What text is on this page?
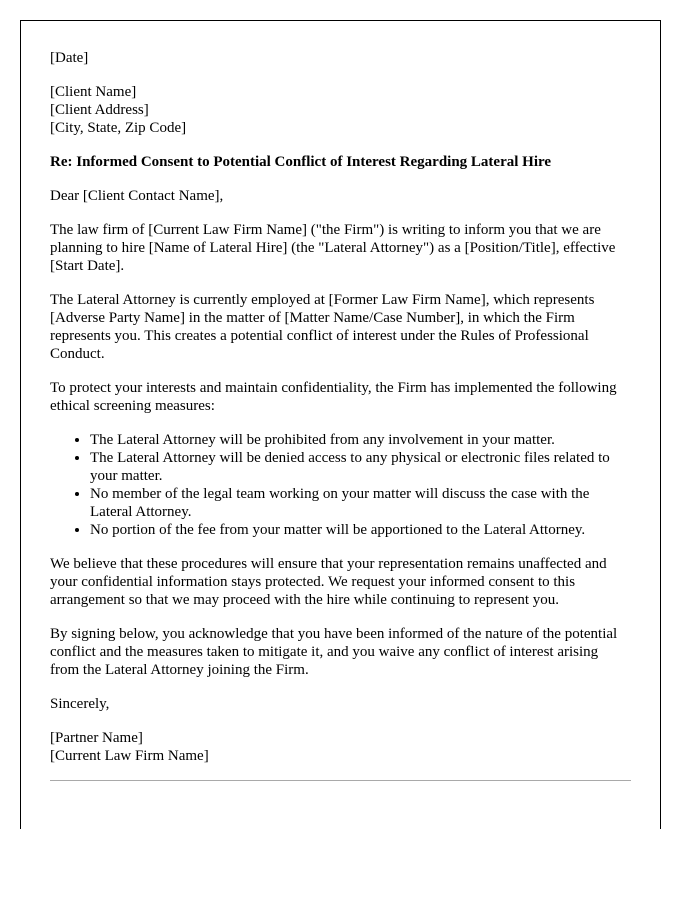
[Date]

[Client Name]
[Client Address]
[City, State, Zip Code]

Re: Informed Consent to Potential Conflict of Interest Regarding Lateral Hire

Dear [Client Contact Name],

The law firm of [Current Law Firm Name] ("the Firm") is writing to inform you that we are planning to hire [Name of Lateral Hire] (the "Lateral Attorney") as a [Position/Title], effective [Start Date].

The Lateral Attorney is currently employed at [Former Law Firm Name], which represents [Adverse Party Name] in the matter of [Matter Name/Case Number], in which the Firm represents you. This creates a potential conflict of interest under the Rules of Professional Conduct.

To protect your interests and maintain confidentiality, the Firm has implemented the following ethical screening measures:

• The Lateral Attorney will be prohibited from any involvement in your matter.
• The Lateral Attorney will be denied access to any physical or electronic files related to your matter.
• No member of the legal team working on your matter will discuss the case with the Lateral Attorney.
• No portion of the fee from your matter will be apportioned to the Lateral Attorney.

We believe that these procedures will ensure that your representation remains unaffected and your confidential information stays protected. We request your informed consent to this arrangement so that we may proceed with the hire while continuing to represent you.

By signing below, you acknowledge that you have been informed of the nature of the potential conflict and the measures taken to mitigate it, and you waive any conflict of interest arising from the Lateral Attorney joining the Firm.

Sincerely,

[Partner Name]
[Current Law Firm Name]
